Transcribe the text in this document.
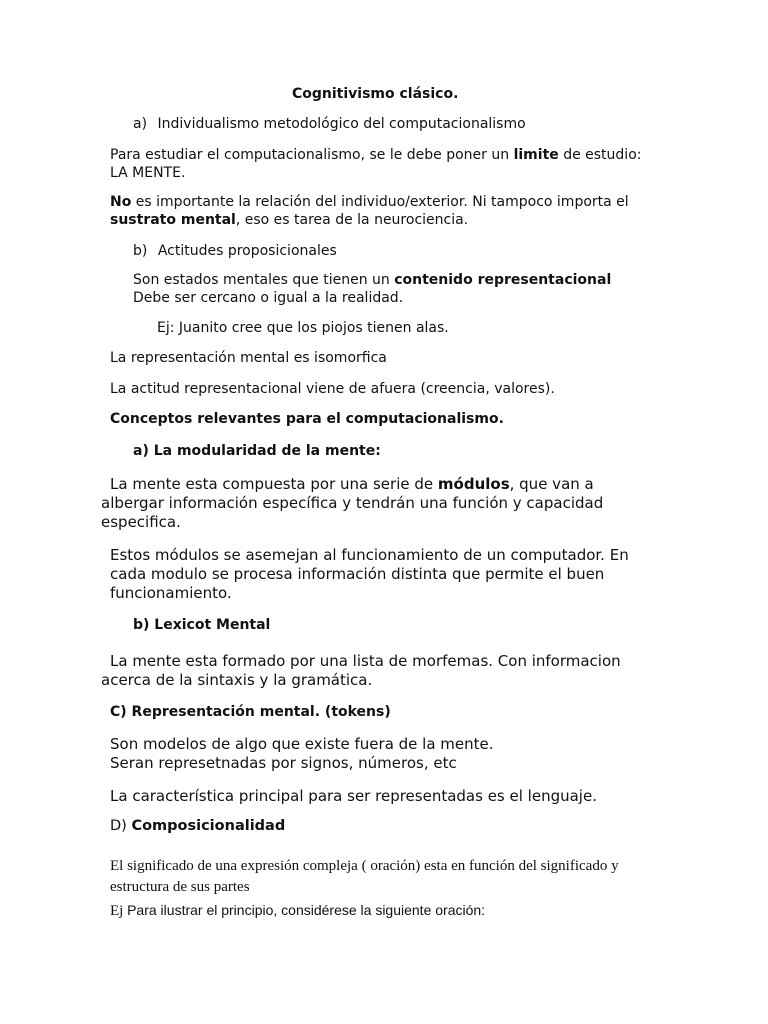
Cognitivismo clásico.
a) Individualismo metodológico del computacionalismo
Para estudiar el computacionalismo, se le debe poner un limite de estudio:
LA MENTE.
No es importante la relación del individuo/exterior. Ni tampoco importa el
sustrato mental, eso es tarea de la neurociencia.
b) Actitudes proposicionales
Son estados mentales que tienen un contenido representacional
Debe ser cercano o igual a la realidad.
Ej: Juanito cree que los piojos tienen alas.
La representación mental es isomorfica
La actitud representacional viene de afuera (creencia, valores).
Conceptos relevantes para el computacionalismo.
a) La modularidad de la mente:
La mente esta compuesta por una serie de módulos, que van a
albergar información específica y tendrán una función y capacidad
especifica.
Estos módulos se asemejan al funcionamiento de un computador. En
cada modulo se procesa información distinta que permite el buen
funcionamiento.
b) Lexicot Mental
La mente esta formado por una lista de morfemas. Con informacion
acerca de la sintaxis y la gramática.
C) Representación mental. (tokens)
Son modelos de algo que existe fuera de la mente.
Seran represetnadas por signos, números, etc
La característica principal para ser representadas es el lenguaje.
D) Composicionalidad
El significado de una expresión compleja ( oración) esta en función del significado y
estructura de sus partes
Ej Para ilustrar el principio, considérese la siguiente oración:
